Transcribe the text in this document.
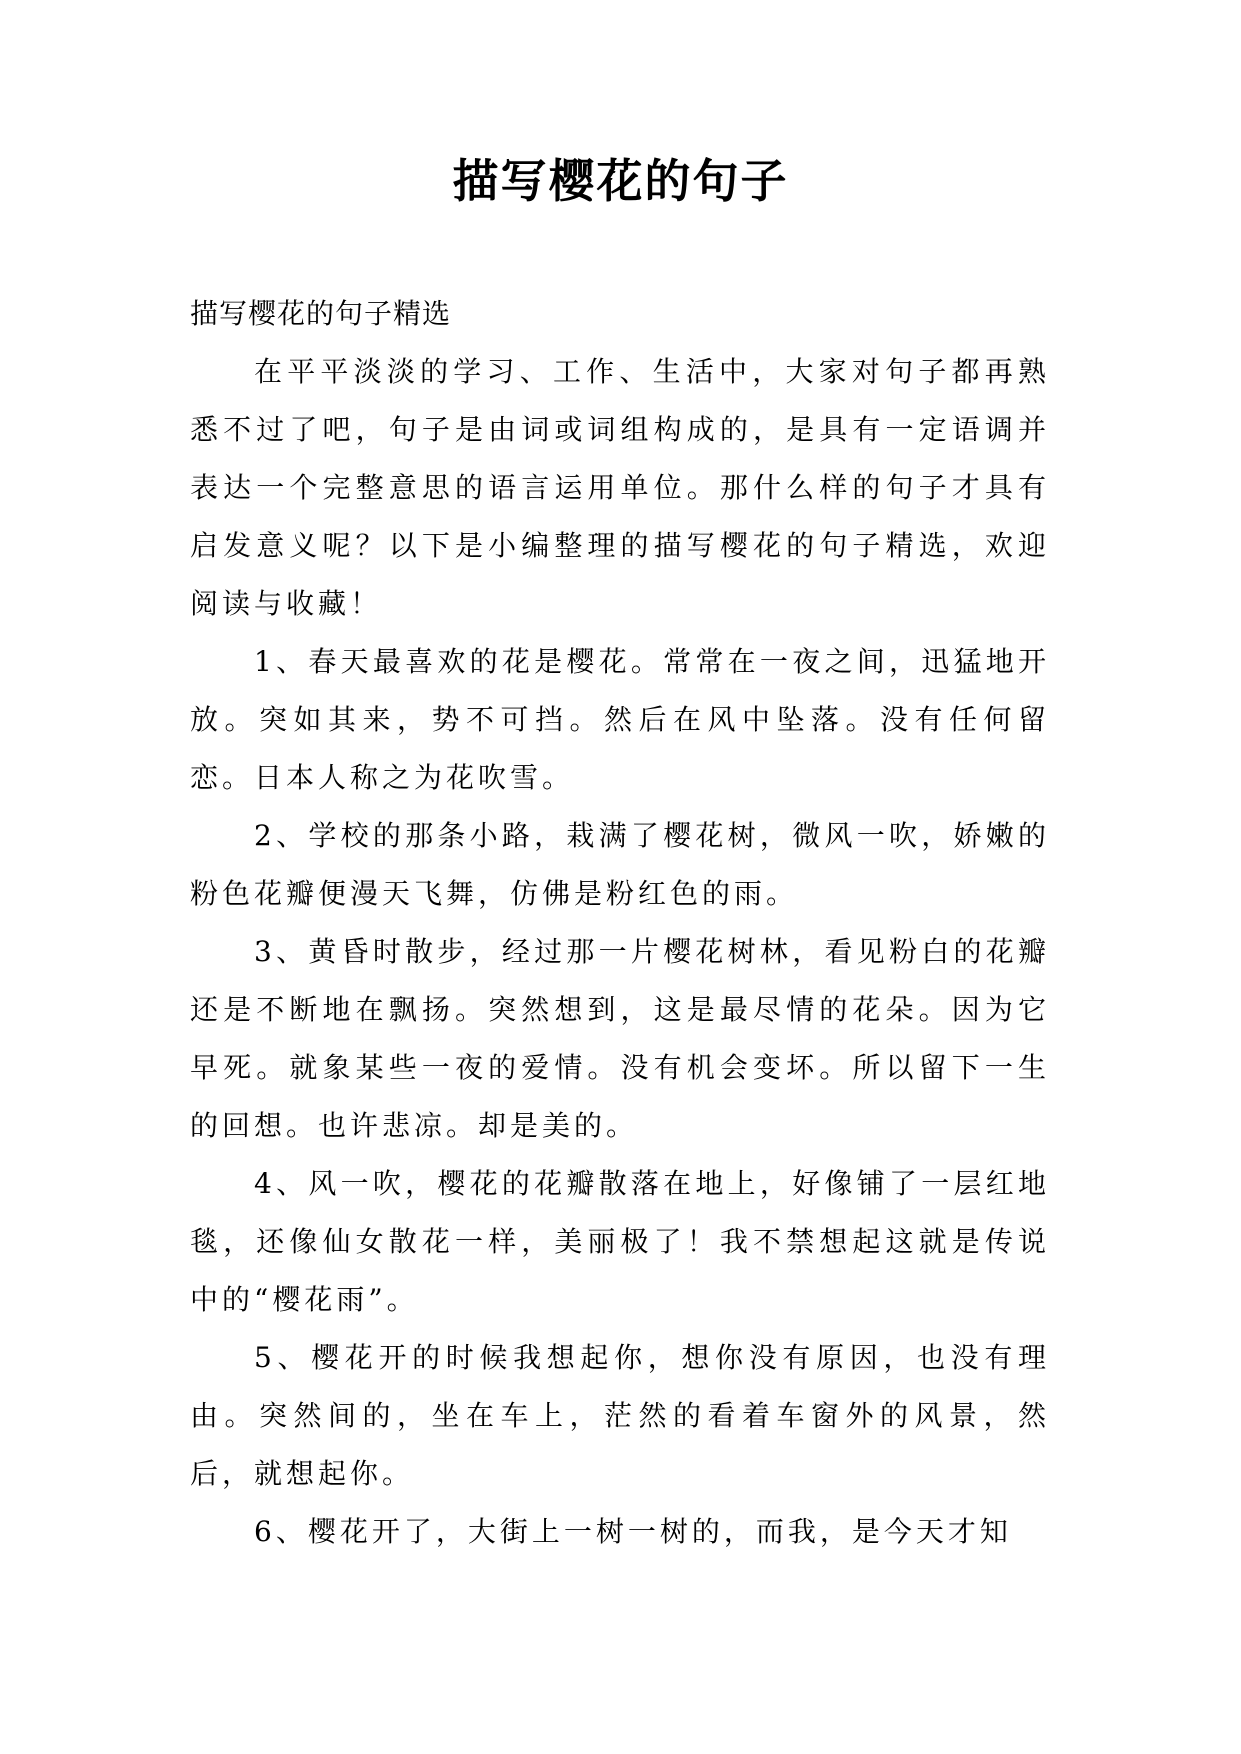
描写樱花的句子

描写樱花的句子精选

在平平淡淡的学习、工作、生活中，大家对句子都再熟悉不过了吧，句子是由词或词组构成的，是具有一定语调并表达一个完整意思的语言运用单位。那什么样的句子才具有启发意义呢？以下是小编整理的描写樱花的句子精选，欢迎阅读与收藏！

1、春天最喜欢的花是樱花。常常在一夜之间，迅猛地开放。突如其来，势不可挡。然后在风中坠落。没有任何留恋。日本人称之为花吹雪。

2、学校的那条小路，栽满了樱花树，微风一吹，娇嫩的粉色花瓣便漫天飞舞，仿佛是粉红色的雨。

3、黄昏时散步，经过那一片樱花树林，看见粉白的花瓣还是不断地在飘扬。突然想到，这是最尽情的花朵。因为它早死。就象某些一夜的爱情。没有机会变坏。所以留下一生的回想。也许悲凉。却是美的。

4、风一吹，樱花的花瓣散落在地上，好像铺了一层红地毯，还像仙女散花一样，美丽极了！我不禁想起这就是传说中的“樱花雨”。

5、樱花开的时候我想起你，想你没有原因，也没有理由。突然间的，坐在车上，茫然的看着车窗外的风景，然后，就想起你。

6、樱花开了，大街上一树一树的，而我，是今天才知
